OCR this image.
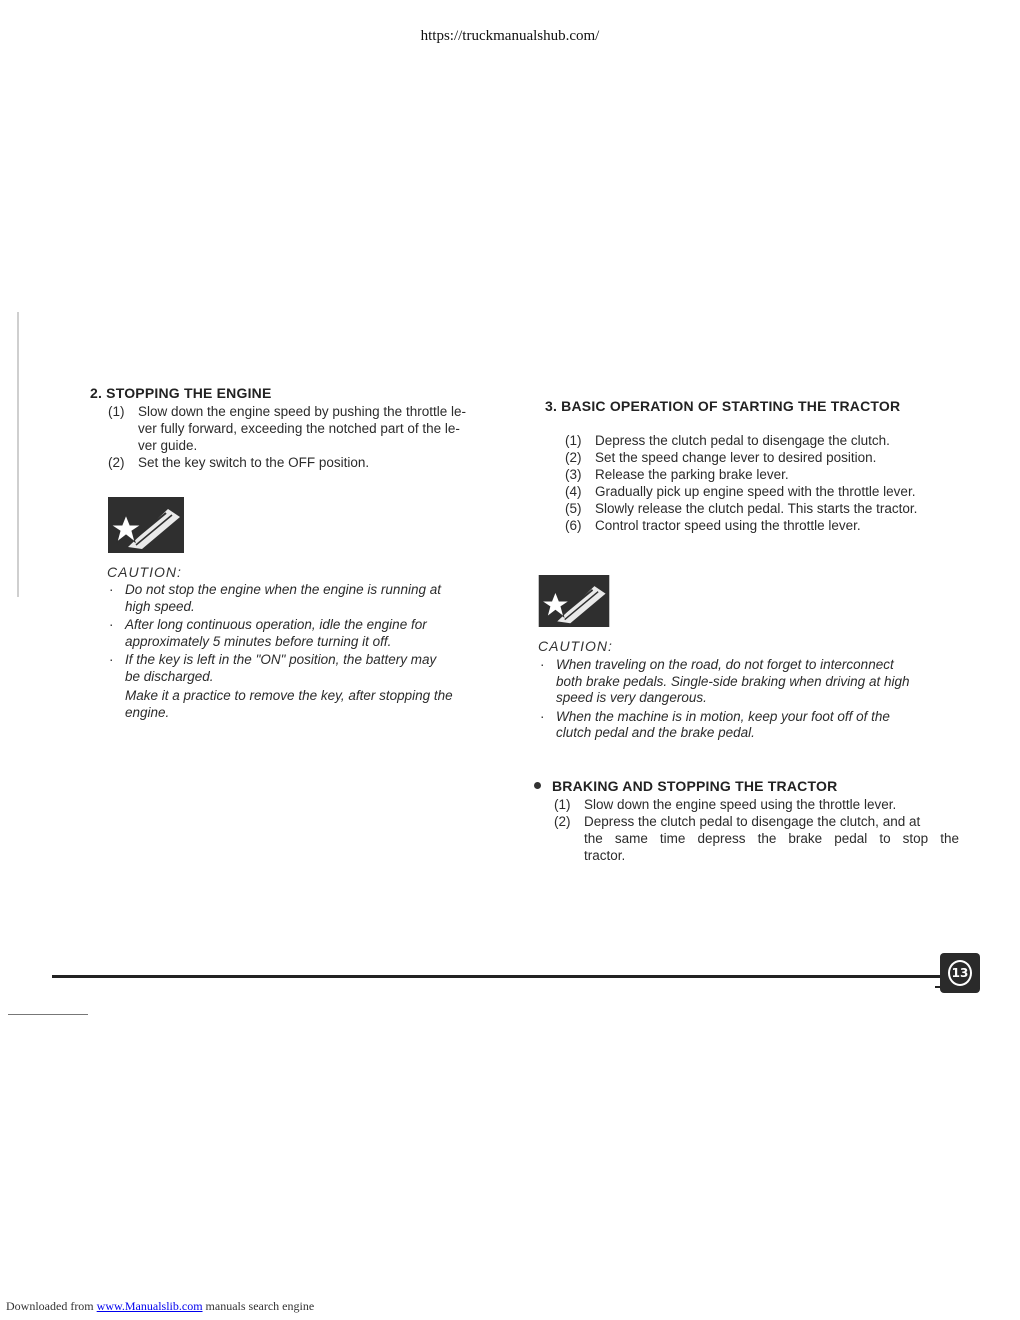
https://truckmanualshub.com/
2. STOPPING THE ENGINE
(1) Slow down the engine speed by pushing the throttle le-
ver fully forward, exceeding the notched part of the le-
ver guide.
(2) Set the key switch to the OFF position.
CAUTION:
· Do not stop the engine when the engine is running at
high speed.
· After long continuous operation, idle the engine for
approximately 5 minutes before turning it off.
· If the key is left in the "ON" position, the battery may
be discharged.
Make it a practice to remove the key, after stopping the
engine.
3. BASIC OPERATION OF STARTING THE TRACTOR
(1) Depress the clutch pedal to disengage the clutch.
(2) Set the speed change lever to desired position.
(3) Release the parking brake lever.
(4) Gradually pick up engine speed with the throttle lever.
(5) Slowly release the clutch pedal. This starts the tractor.
(6) Control tractor speed using the throttle lever.
CAUTION:
· When traveling on the road, do not forget to interconnect
both brake pedals. Single-side braking when driving at high
speed is very dangerous.
· When the machine is in motion, keep your foot off of the
clutch pedal and the brake pedal.
BRAKING AND STOPPING THE TRACTOR
(1) Slow down the engine speed using the throttle lever.
(2) Depress the clutch pedal to disengage the clutch, and at
the same time depress the brake pedal to stop the
tractor.
13
Downloaded from www.Manualslib.com manuals search engine
